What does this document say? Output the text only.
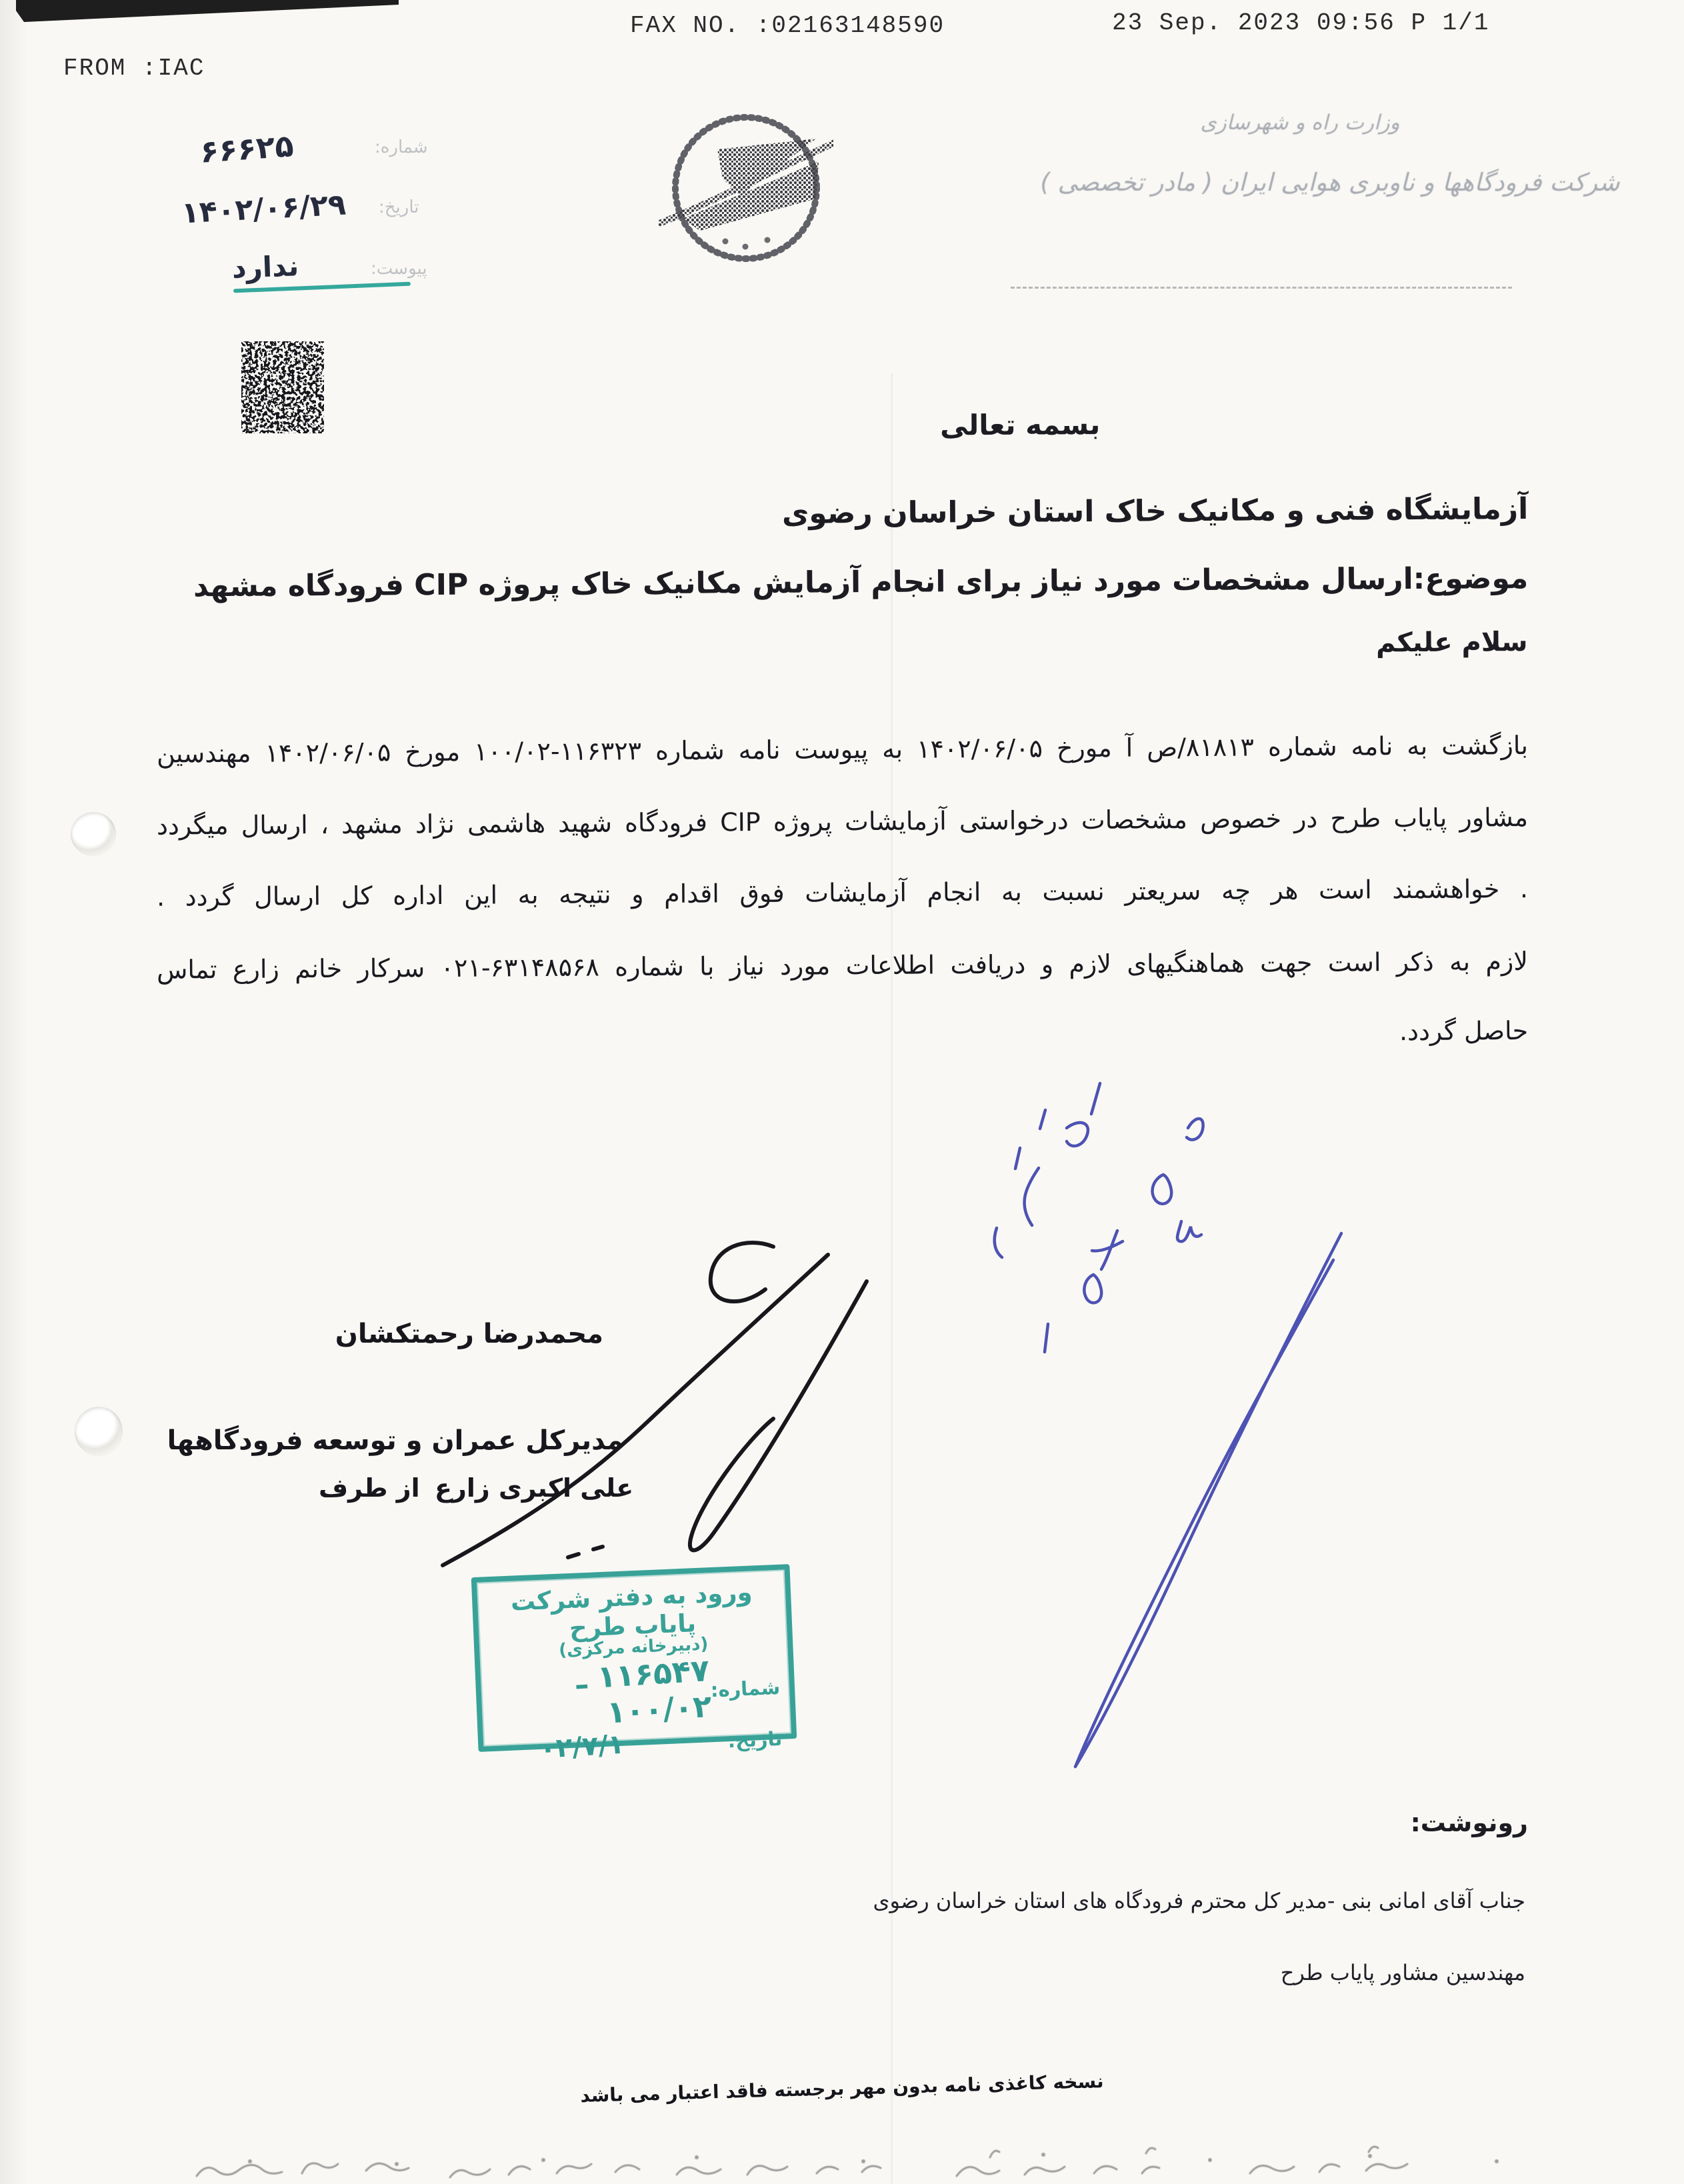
FROM :IAC
FAX NO. :02163148590	23 Sep. 2023 09:56 P 1/1
شماره:
۶۶۶۲۵
تاریخ:
۱۴۰۲/۰۶/۲۹
پیوست:
ندارد
وزارت راه و شهرسازی
شرکت فرودگاهها و ناوبری هوایی ایران ( مادر تخصصی )
بسمه تعالی
آزمایشگاه فنی و مکانیک خاک استان خراسان رضوی
موضوع:ارسال مشخصات مورد نیاز برای انجام آزمایش مکانیک خاک پروژه CIP فرودگاه مشهد
سلام علیکم
بازگشت به نامه شماره ۸۱۸۱۳/ص آ مورخ ۱۴۰۲/۰۶/۰۵ به پیوست نامه شماره ۱۱۶۳۲۳-۱۰۰/۰۲ مورخ ۱۴۰۲/۰۶/۰۵ مهندسین
مشاور پایاب طرح در خصوص مشخصات درخواستی آزمایشات پروژه CIP فرودگاه شهید هاشمی نژاد مشهد ، ارسال میگردد
. خواهشمند است هر چه سریعتر نسبت به انجام آزمایشات فوق اقدام و نتیجه به این اداره کل ارسال گردد .
لازم به ذکر است جهت هماهنگیهای لازم و دریافت اطلاعات مورد نیاز با شماره ۶۳۱۴۸۵۶۸-۰۲۱ سرکار خانم زارع تماس
حاصل گردد.
محمدرضا رحمتکشان
مدیرکل عمران و توسعه فرودگاهها
از طرف علی اکبری زارع
ورود به دفتر شرکت پایاب طرح
(دبیرخانه مرکزی)
شماره:
۱۱۶۵۴۷ ـ ۱۰۰/۰۲
تاریخ:
۰۲/۷/۱
رونوشت:
جناب آقای امانی بنی -مدیر کل محترم فرودگاه های استان خراسان رضوی
مهندسین مشاور پایاب طرح
نسخه کاغذی نامه بدون مهر برجسته فاقد اعتبار می باشد
